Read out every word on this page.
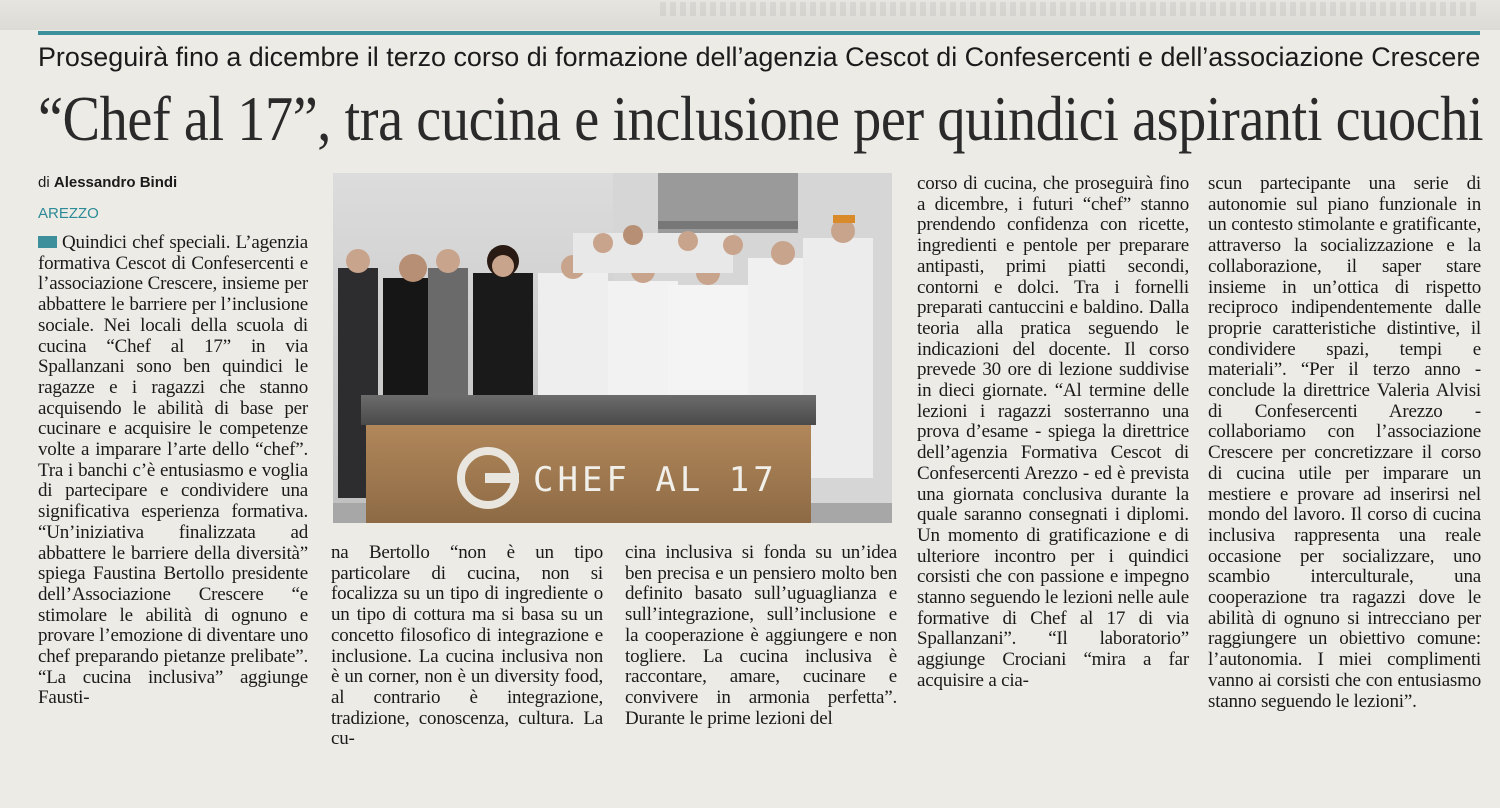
Proseguirà fino a dicembre il terzo corso di formazione dell’agenzia Cescot di Confesercenti e dell’associazione Crescere
“Chef al 17”, tra cucina e inclusione per quindici aspiranti cuochi
di Alessandro Bindi
AREZZO

Quindici chef speciali. L’agenzia formativa Cescot di Confesercenti e l’associazione Crescere, insieme per abbattere le barriere per l’inclusione sociale. Nei locali della scuola di cucina “Chef al 17” in via Spallanzani sono ben quindici le ragazze e i ragazzi che stanno acquisendo le abilità di base per cucinare e acquisire le competenze volte a imparare l’arte dello “chef”. Tra i banchi c’è entusiasmo e voglia di partecipare e condividere una significativa esperienza formativa. “Un’iniziativa finalizzata ad abbattere le barriere della diversità” spiega Faustina Bertollo presidente dell’Associazione Crescere “e stimolare le abilità di ognuno e provare l’emozione di diventare uno chef preparando pietanze prelibate”. “La cucina inclusiva” aggiunge Fausti-

CHEF AL 17

na Bertollo “non è un tipo particolare di cucina, non si focalizza su un tipo di ingrediente o un tipo di cottura ma si basa su un concetto filosofico di integrazione e inclusione. La cucina inclusiva non è un corner, non è un diversity food, al contrario è integrazione, tradizione, conoscenza, cultura. La cu-

cina inclusiva si fonda su un’idea ben precisa e un pensiero molto ben definito basato sull’uguaglianza e sull’integrazione, sull’inclusione e la cooperazione è aggiungere e non togliere. La cucina inclusiva è raccontare, amare, cucinare e convivere in armonia perfetta”. Durante le prime lezioni del

corso di cucina, che proseguirà fino a dicembre, i futuri “chef” stanno prendendo confidenza con ricette, ingredienti e pentole per preparare antipasti, primi piatti secondi, contorni e dolci. Tra i fornelli preparati cantuccini e baldino. Dalla teoria alla pratica seguendo le indicazioni del docente. Il corso prevede 30 ore di lezione suddivise in dieci giornate. “Al termine delle lezioni i ragazzi sosterranno una prova d’esame - spiega la direttrice dell’agenzia Formativa Cescot di Confesercenti Arezzo - ed è prevista una giornata conclusiva durante la quale saranno consegnati i diplomi. Un momento di gratificazione e di ulteriore incontro per i quindici corsisti che con passione e impegno stanno seguendo le lezioni nelle aule formative di Chef al 17 di via Spallanzani”. “Il laboratorio” aggiunge Crociani “mira a far acquisire a cia-

scun partecipante una serie di autonomie sul piano funzionale in un contesto stimolante e gratificante, attraverso la socializzazione e la collaborazione, il saper stare insieme in un’ottica di rispetto reciproco indipendentemente dalle proprie caratteristiche distintive, il condividere spazi, tempi e materiali”. “Per il terzo anno - conclude la direttrice Valeria Alvisi di Confesercenti Arezzo - collaboriamo con l’associazione Crescere per concretizzare il corso di cucina utile per imparare un mestiere e provare ad inserirsi nel mondo del lavoro. Il corso di cucina inclusiva rappresenta una reale occasione per socializzare, uno scambio interculturale, una cooperazione tra ragazzi dove le abilità di ognuno si intrecciano per raggiungere un obiettivo comune: l’autonomia. I miei complimenti vanno ai corsisti che con entusiasmo stanno seguendo le lezioni”.
